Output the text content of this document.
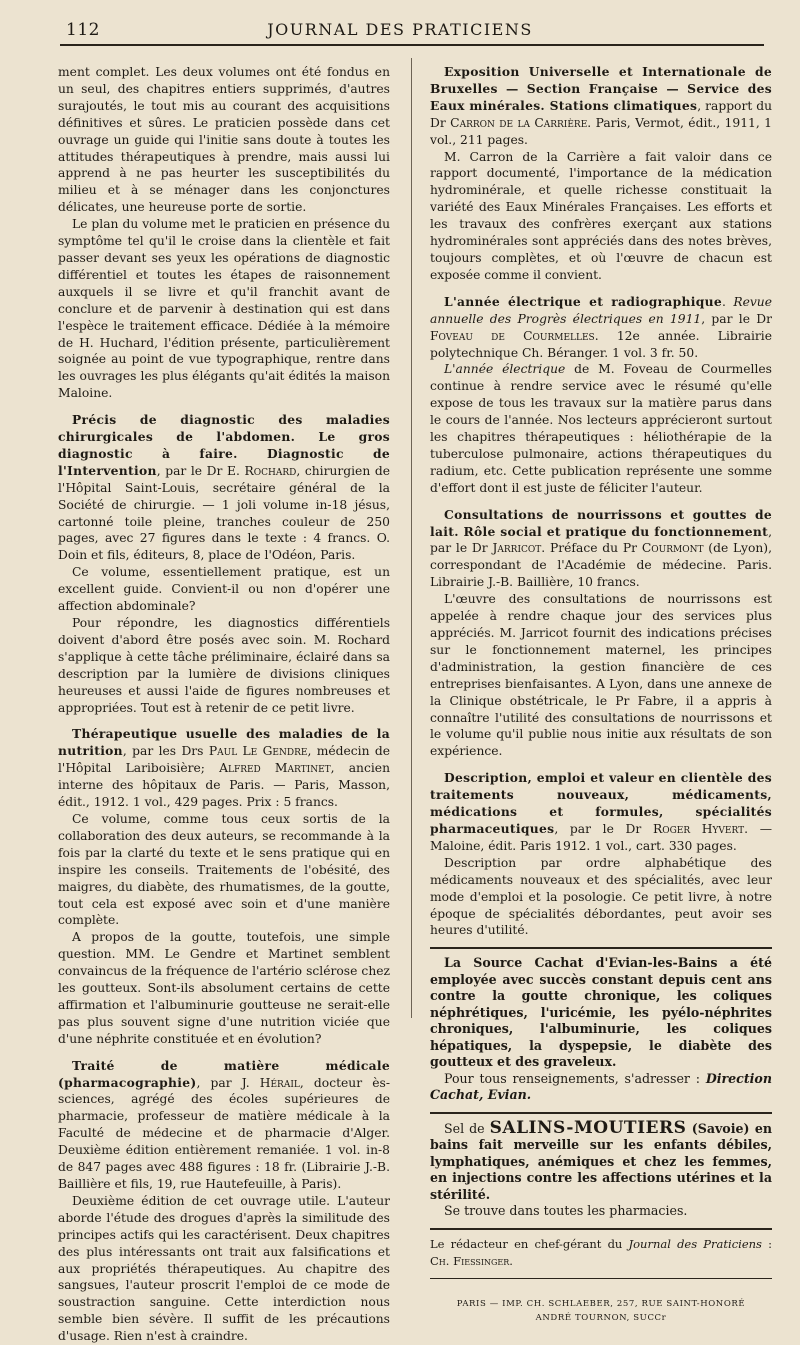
112	JOURNAL DES PRATICIENS

ment complet. Les deux volumes ont été fondus en un seul, des chapitres entiers supprimés, d'autres surajoutés, le tout mis au courant des acquisitions définitives et sûres. Le praticien possède dans cet ouvrage un guide qui l'initie sans doute à toutes les attitudes thérapeutiques à prendre, mais aussi lui apprend à ne pas heurter les susceptibilités du milieu et à se ménager dans les conjonctures délicates, une heureuse porte de sortie.

Le plan du volume met le praticien en présence du symptôme tel qu'il le croise dans la clientèle et fait passer devant ses yeux les opérations de diagnostic différentiel et toutes les étapes de raisonnement auxquels il se livre et qu'il franchit avant de conclure et de parvenir à destination qui est dans l'espèce le traitement efficace. Dédiée à la mémoire de H. Huchard, l'édition présente, particulièrement soignée au point de vue typographique, rentre dans les ouvrages les plus élégants qu'ait édités la maison Maloine.

Précis de diagnostic des maladies chirurgicales de l'abdomen. Le gros diagnostic à faire. Diagnostic de l'Intervention, par le Dr E. Rochard, chirurgien de l'Hôpital Saint-Louis, secrétaire général de la Société de chirurgie. — 1 joli volume in-18 jésus, cartonné toile pleine, tranches couleur de 250 pages, avec 27 figures dans le texte : 4 francs. O. Doin et fils, éditeurs, 8, place de l'Odéon, Paris.

Ce volume, essentiellement pratique, est un excellent guide. Convient-il ou non d'opérer une affection abdominale?

Pour répondre, les diagnostics différentiels doivent d'abord être posés avec soin. M. Rochard s'applique à cette tâche préliminaire, éclairé dans sa description par la lumière de divisions cliniques heureuses et aussi l'aide de figures nombreuses et appropriées. Tout est à retenir de ce petit livre.

Thérapeutique usuelle des maladies de la nutrition, par les Drs Paul Le Gendre, médecin de l'Hôpital Lariboisière; Alfred Martinet, ancien interne des hôpitaux de Paris. — Paris, Masson, édit., 1912. 1 vol., 429 pages. Prix : 5 francs.

Ce volume, comme tous ceux sortis de la collaboration des deux auteurs, se recommande à la fois par la clarté du texte et le sens pratique qui en inspire les conseils. Traitements de l'obésité, des maigres, du diabète, des rhumatismes, de la goutte, tout cela est exposé avec soin et d'une manière complète.

A propos de la goutte, toutefois, une simple question. MM. Le Gendre et Martinet semblent convaincus de la fréquence de l'artério sclérose chez les goutteux. Sont-ils absolument certains de cette affirmation et l'albuminurie goutteuse ne serait-elle pas plus souvent signe d'une nutrition viciée que d'une néphrite constituée et en évolution?

Traité de matière médicale (pharmacographie), par J. Hérail, docteur ès-sciences, agrégé des écoles supérieures de pharmacie, professeur de matière médicale à la Faculté de médecine et de pharmacie d'Alger. Deuxième édition entièrement remaniée. 1 vol. in-8 de 847 pages avec 488 figures : 18 fr. (Librairie J.-B. Baillière et fils, 19, rue Hautefeuille, à Paris).

Deuxième édition de cet ouvrage utile. L'auteur aborde l'étude des drogues d'après la similitude des principes actifs qui les caractérisent. Deux chapitres des plus intéressants ont trait aux falsifications et aux propriétés thérapeutiques. Au chapitre des sangsues, l'auteur proscrit l'emploi de ce mode de soustraction sanguine. Cette interdiction nous semble bien sévère. Il suffit de les précautions d'usage. Rien n'est à craindre.

Exposition Universelle et Internationale de Bruxelles — Section Française — Service des Eaux minérales. Stations climatiques, rapport du Dr Carron de la Carrière. Paris, Vermot, édit., 1911, 1 vol., 211 pages.

M. Carron de la Carrière a fait valoir dans ce rapport documenté, l'importance de la médication hydrominérale, et quelle richesse constituait la variété des Eaux Minérales Françaises. Les efforts et les travaux des confrères exerçant aux stations hydrominérales sont appréciés dans des notes brèves, toujours complètes, et où l'œuvre de chacun est exposée comme il convient.

L'année électrique et radiographique. Revue annuelle des Progrès électriques en 1911, par le Dr Foveau de Courmelles. 12e année. Librairie polytechnique Ch. Béranger. 1 vol. 3 fr. 50.

L'année électrique de M. Foveau de Courmelles continue à rendre service avec le résumé qu'elle expose de tous les travaux sur la matière parus dans le cours de l'année. Nos lecteurs apprécieront surtout les chapitres thérapeutiques : héliothérapie de la tuberculose pulmonaire, actions thérapeutiques du radium, etc. Cette publication représente une somme d'effort dont il est juste de féliciter l'auteur.

Consultations de nourrissons et gouttes de lait. Rôle social et pratique du fonctionnement, par le Dr Jarricot. Préface du Pr Courmont (de Lyon), correspondant de l'Académie de médecine. Paris. Librairie J.-B. Baillière, 10 francs.

L'œuvre des consultations de nourrissons est appelée à rendre chaque jour des services plus appréciés. M. Jarricot fournit des indications précises sur le fonctionnement maternel, les principes d'administration, la gestion financière de ces entreprises bienfaisantes. A Lyon, dans une annexe de la Clinique obstétricale, le Pr Fabre, il a appris à connaître l'utilité des consultations de nourrissons et le volume qu'il publie nous initie aux résultats de son expérience.

Description, emploi et valeur en clientèle des traitements nouveaux, médicaments, médications et formules, spécialités pharmaceutiques, par le Dr Roger Hyvert. — Maloine, édit. Paris 1912. 1 vol., cart. 330 pages.

Description par ordre alphabétique des médicaments nouveaux et des spécialités, avec leur mode d'emploi et la posologie. Ce petit livre, à notre époque de spécialités débordantes, peut avoir ses heures d'utilité.

La Source Cachat d'Evian-les-Bains a été employée avec succès constant depuis cent ans contre la goutte chronique, les coliques néphrétiques, l'uricémie, les pyélo-néphrites chroniques, l'albuminurie, les coliques hépatiques, la dyspepsie, le diabète des goutteux et des graveleux.

Pour tous renseignements, s'adresser : Direction Cachat, Evian.

Sel de SALINS-MOUTIERS (Savoie) en bains fait merveille sur les enfants débiles, lymphatiques, anémiques et chez les femmes, en injections contre les affections utérines et la stérilité.

Se trouve dans toutes les pharmacies.

Le rédacteur en chef-gérant du Journal des Praticiens : Ch. Fiessinger.

PARIS — IMP. CH. SCHLAEBER, 257, RUE SAINT-HONORÉ
ANDRÉ TOURNON, SUCCr
